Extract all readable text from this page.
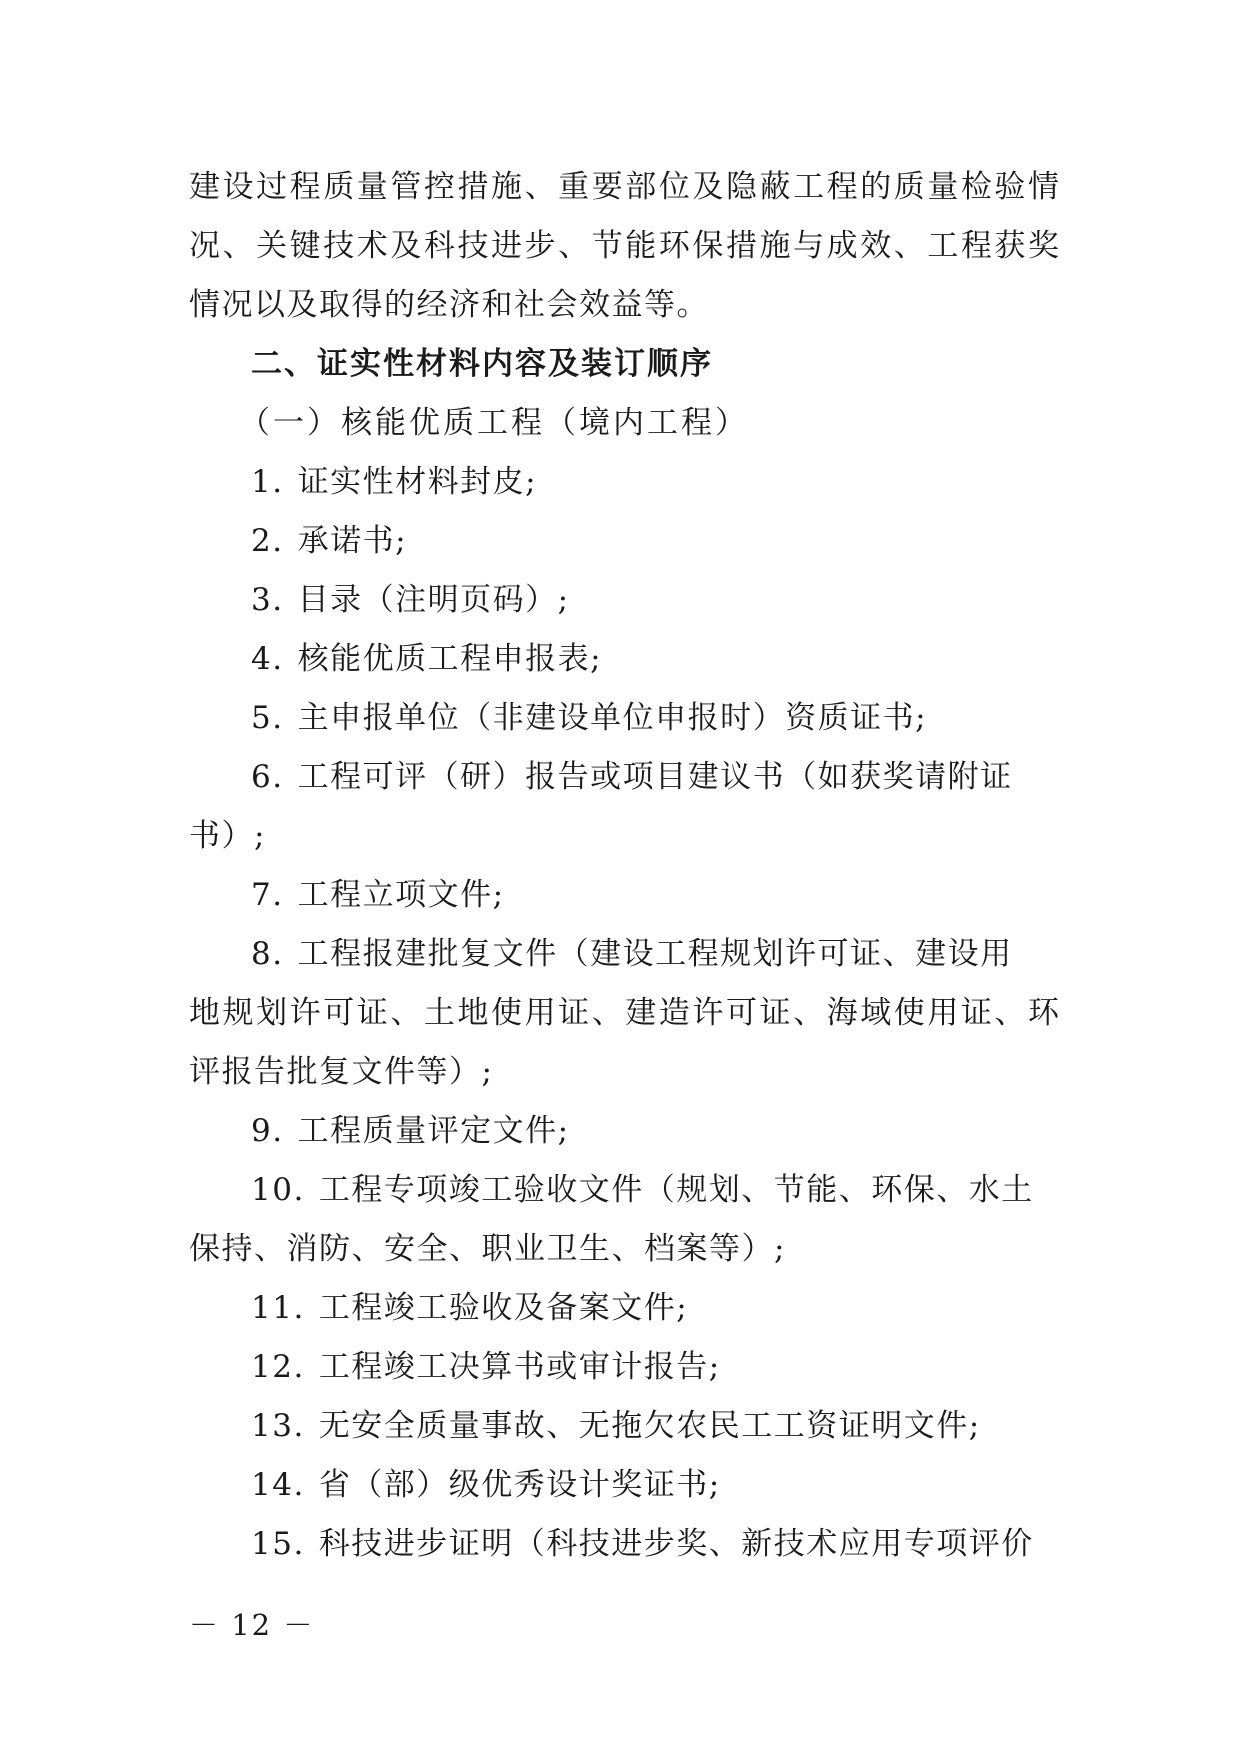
建设过程质量管控措施、重要部位及隐蔽工程的质量检验情
况、关键技术及科技进步、节能环保措施与成效、工程获奖
情况以及取得的经济和社会效益等。
二、证实性材料内容及装订顺序
（一）核能优质工程（境内工程）
1. 证实性材料封皮;
2. 承诺书;
3. 目录（注明页码）;
4. 核能优质工程申报表;
5. 主申报单位（非建设单位申报时）资质证书;
6. 工程可评（研）报告或项目建议书（如获奖请附证
书）;
7. 工程立项文件;
8. 工程报建批复文件（建设工程规划许可证、建设用
地规划许可证、土地使用证、建造许可证、海域使用证、环
评报告批复文件等）;
9. 工程质量评定文件;
10. 工程专项竣工验收文件（规划、节能、环保、水土
保持、消防、安全、职业卫生、档案等）;
11. 工程竣工验收及备案文件;
12. 工程竣工决算书或审计报告;
13. 无安全质量事故、无拖欠农民工工资证明文件;
14. 省（部）级优秀设计奖证书;
15. 科技进步证明（科技进步奖、新技术应用专项评价
－ 12 －
